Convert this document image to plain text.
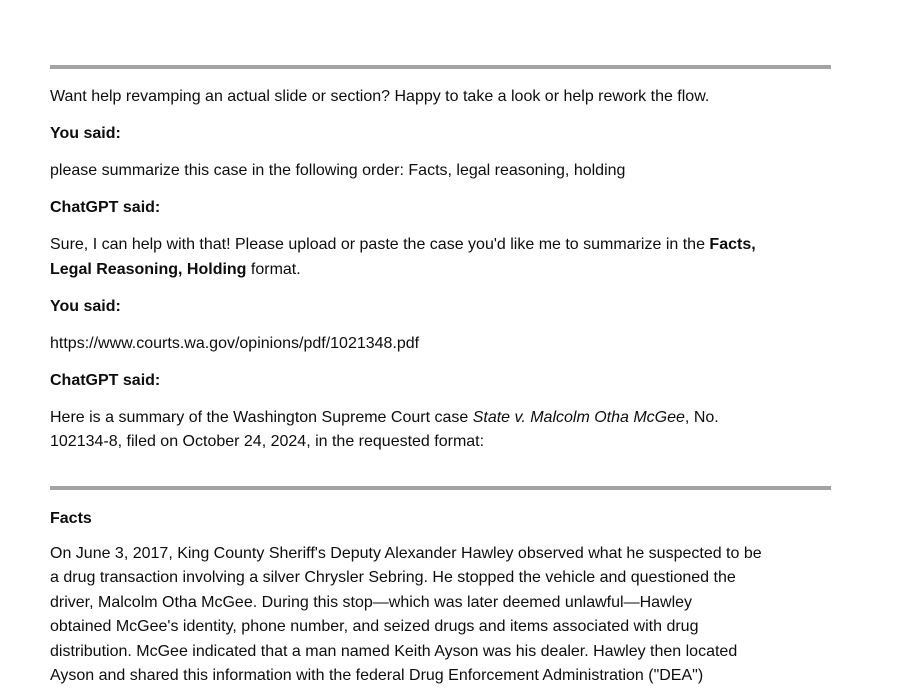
Want help revamping an actual slide or section? Happy to take a look or help rework the flow.

You said:

please summarize this case in the following order: Facts, legal reasoning, holding

ChatGPT said:

Sure, I can help with that! Please upload or paste the case you'd like me to summarize in the Facts,
Legal Reasoning, Holding format.

You said:

https://www.courts.wa.gov/opinions/pdf/1021348.pdf

ChatGPT said:

Here is a summary of the Washington Supreme Court case State v. Malcolm Otha McGee, No.
102134-8, filed on October 24, 2024, in the requested format:
Facts
On June 3, 2017, King County Sheriff's Deputy Alexander Hawley observed what he suspected to be
a drug transaction involving a silver Chrysler Sebring. He stopped the vehicle and questioned the
driver, Malcolm Otha McGee. During this stop—which was later deemed unlawful—Hawley
obtained McGee's identity, phone number, and seized drugs and items associated with drug
distribution. McGee indicated that a man named Keith Ayson was his dealer. Hawley then located
Ayson and shared this information with the federal Drug Enforcement Administration ("DEA")
